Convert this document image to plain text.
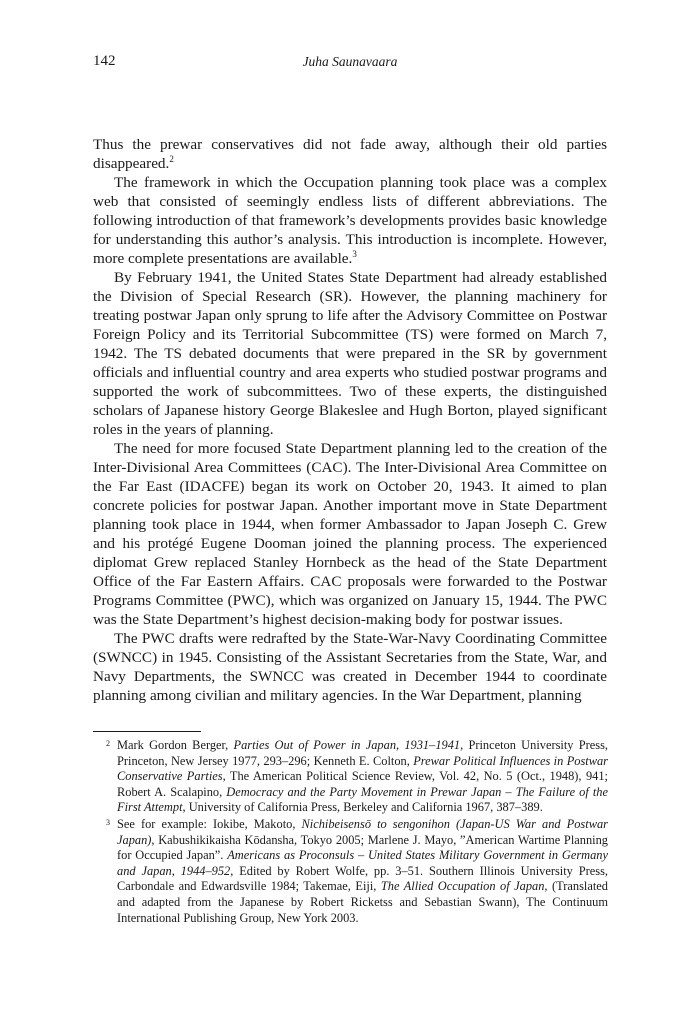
142	Juha Saunavaara

Thus the prewar conservatives did not fade away, although their old parties disappeared.$^2$

The framework in which the Occupation planning took place was a complex web that consisted of seemingly endless lists of different abbreviations. The following introduction of that framework’s developments provides basic knowledge for understanding this author’s analysis. This introduction is incomplete. However, more complete presentations are available.$^3$

By February 1941, the United States State Department had already established the Division of Special Research (SR). However, the planning machinery for treating postwar Japan only sprung to life after the Advisory Committee on Postwar Foreign Policy and its Territorial Subcommittee (TS) were formed on March 7, 1942. The TS debated documents that were prepared in the SR by government officials and influential country and area experts who studied postwar programs and supported the work of subcommittees. Two of these experts, the distinguished scholars of Japanese history George Blakeslee and Hugh Borton, played significant roles in the years of planning.

The need for more focused State Department planning led to the creation of the Inter-Divisional Area Committees (CAC). The Inter-Divisional Area Committee on the Far East (IDACFE) began its work on October 20, 1943. It aimed to plan concrete policies for postwar Japan. Another important move in State Department planning took place in 1944, when former Ambassador to Japan Joseph C. Grew and his protégé Eugene Dooman joined the planning process. The experienced diplomat Grew replaced Stanley Hornbeck as the head of the State Department Office of the Far Eastern Affairs. CAC proposals were forwarded to the Postwar Programs Committee (PWC), which was organized on January 15, 1944. The PWC was the State Department’s highest decision-making body for postwar issues.

The PWC drafts were redrafted by the State-War-Navy Coordinating Committee (SWNCC) in 1945. Consisting of the Assistant Secretaries from the State, War, and Navy Departments, the SWNCC was created in December 1944 to coordinate planning among civilian and military agencies. In the War Department, planning

2 Mark Gordon Berger, Parties Out of Power in Japan, 1931–1941, Princeton University Press, Princeton, New Jersey 1977, 293–296; Kenneth E. Colton, Prewar Political Influences in Postwar Conservative Parties, The American Political Science Review, Vol. 42, No. 5 (Oct., 1948), 941; Robert A. Scalapino, Democracy and the Party Movement in Prewar Japan – The Failure of the First Attempt, University of California Press, Berkeley and California 1967, 387–389.
3 See for example: Iokibe, Makoto, Nichibeisensō to sengonihon (Japan-US War and Postwar Japan), Kabushikikaisha Kōdansha, Tokyo 2005; Marlene J. Mayo, ”American Wartime Planning for Occupied Japan”. Americans as Proconsuls – United States Military Government in Germany and Japan, 1944–952, Edited by Robert Wolfe, pp. 3–51. Southern Illinois University Press, Carbondale and Edwardsville 1984; Takemae, Eiji, The Allied Occupation of Japan, (Translated and adapted from the Japanese by Robert Ricketss and Sebastian Swann), The Continuum International Publishing Group, New York 2003.
